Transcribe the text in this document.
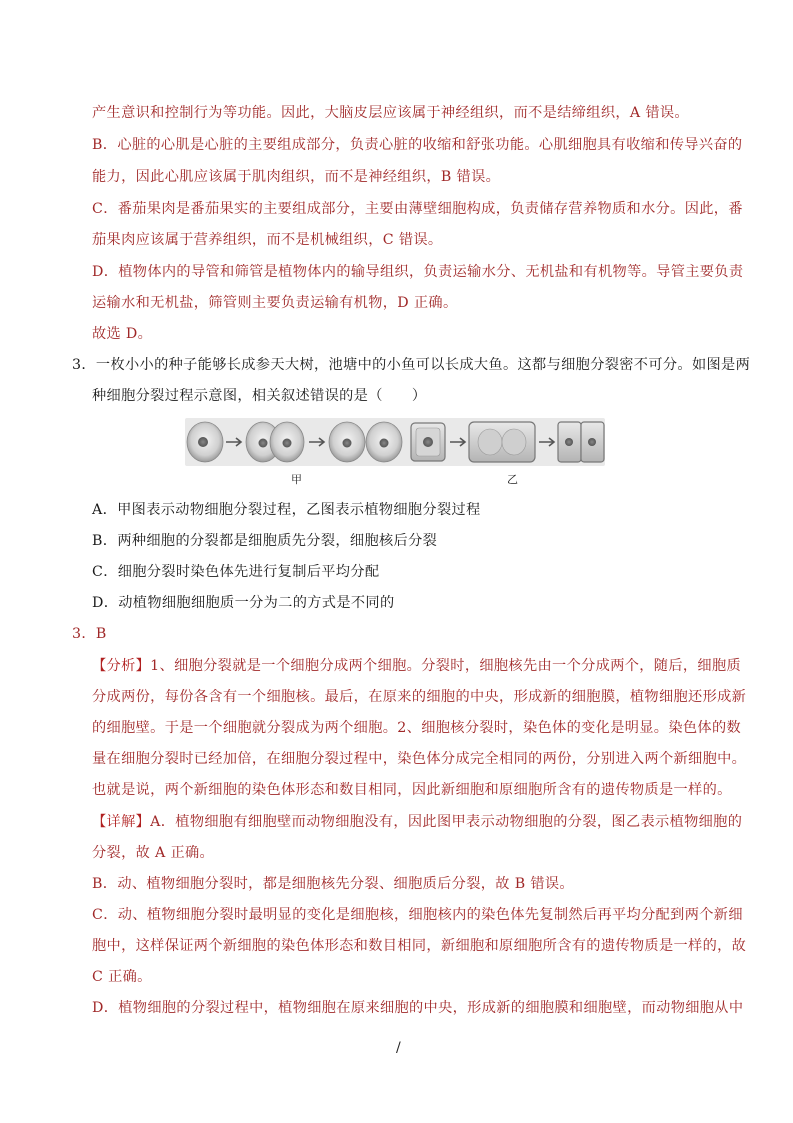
产生意识和控制行为等功能。因此，大脑皮层应该属于神经组织，而不是结缔组织，A 错误。
B．心脏的心肌是心脏的主要组成部分，负责心脏的收缩和舒张功能。心肌细胞具有收缩和传导兴奋的
能力，因此心肌应该属于肌肉组织，而不是神经组织，B 错误。
C．番茄果肉是番茄果实的主要组成部分，主要由薄壁细胞构成，负责储存营养物质和水分。因此，番
茄果肉应该属于营养组织，而不是机械组织，C 错误。
D．植物体内的导管和筛管是植物体内的输导组织，负责运输水分、无机盐和有机物等。导管主要负责
运输水和无机盐，筛管则主要负责运输有机物，D 正确。
故选 D。
3．一枚小小的种子能够长成参天大树，池塘中的小鱼可以长成大鱼。这都与细胞分裂密不可分。如图是两
种细胞分裂过程示意图，相关叙述错误的是（　　）
甲	乙
A．甲图表示动物细胞分裂过程，乙图表示植物细胞分裂过程
B．两种细胞的分裂都是细胞质先分裂，细胞核后分裂
C．细胞分裂时染色体先进行复制后平均分配
D．动植物细胞细胞质一分为二的方式是不同的
3．B
【分析】1、细胞分裂就是一个细胞分成两个细胞。分裂时，细胞核先由一个分成两个，随后，细胞质
分成两份，每份各含有一个细胞核。最后，在原来的细胞的中央，形成新的细胞膜，植物细胞还形成新
的细胞壁。于是一个细胞就分裂成为两个细胞。2、细胞核分裂时，染色体的变化是明显。染色体的数
量在细胞分裂时已经加倍，在细胞分裂过程中，染色体分成完全相同的两份，分别进入两个新细胞中。
也就是说，两个新细胞的染色体形态和数目相同，因此新细胞和原细胞所含有的遗传物质是一样的。
【详解】A．植物细胞有细胞壁而动物细胞没有，因此图甲表示动物细胞的分裂，图乙表示植物细胞的
分裂，故 A 正确。
B．动、植物细胞分裂时，都是细胞核先分裂、细胞质后分裂，故 B 错误。
C．动、植物细胞分裂时最明显的变化是细胞核，细胞核内的染色体先复制然后再平均分配到两个新细
胞中，这样保证两个新细胞的染色体形态和数目相同，新细胞和原细胞所含有的遗传物质是一样的，故
C 正确。
D．植物细胞的分裂过程中，植物细胞在原来细胞的中央，形成新的细胞膜和细胞壁，而动物细胞从中
/
